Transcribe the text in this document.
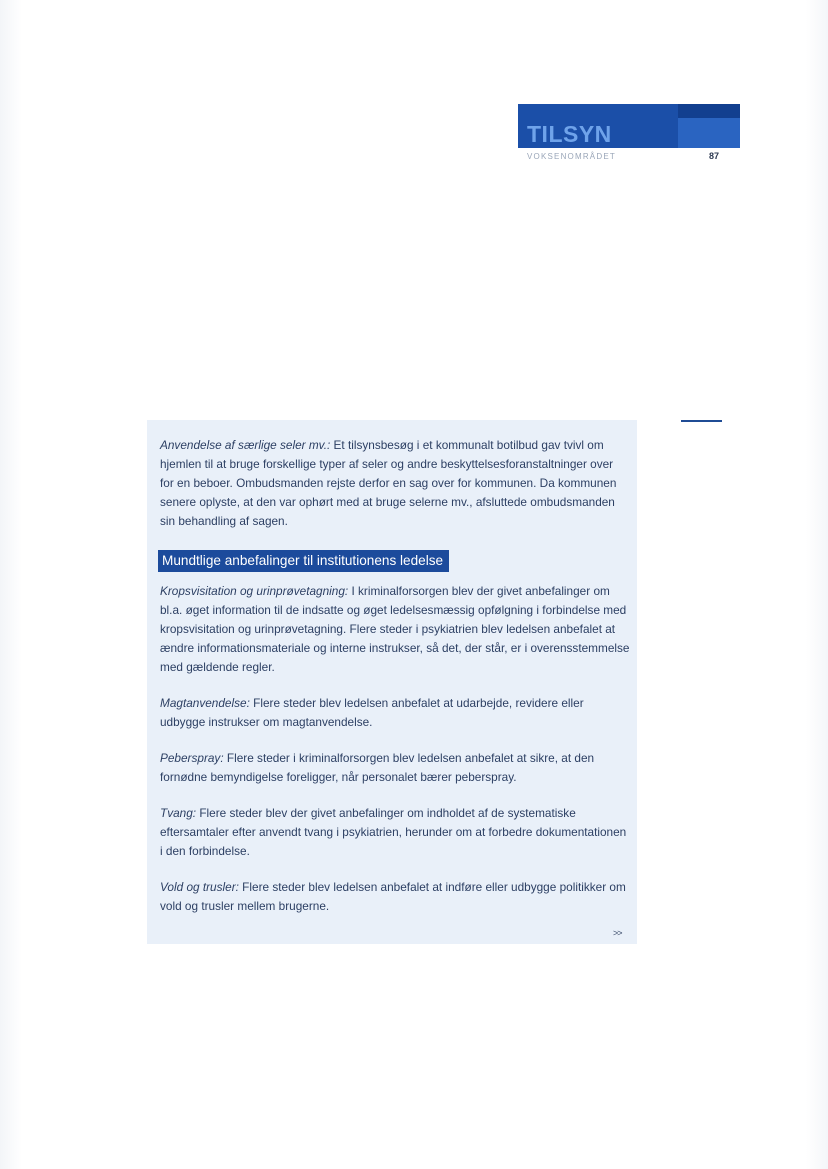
TILSYN
VOKSENOMRÅDET	87

Anvendelse af særlige seler mv.: Et tilsynsbesøg i et kommunalt botilbud gav tvivl om hjemlen til at bruge forskellige typer af seler og andre beskyttelsesforanstaltninger over for en beboer. Ombudsmanden rejste derfor en sag over for kommunen. Da kommunen senere oplyste, at den var ophørt med at bruge selerne mv., afsluttede ombudsmanden sin behandling af sagen.

Mundtlige anbefalinger til institutionens ledelse

Kropsvisitation og urinprøvetagning: I kriminalforsorgen blev der givet anbefalinger om bl.a. øget information til de indsatte og øget ledelsesmæssig opfølgning i forbindelse med kropsvisitation og urinprøvetagning. Flere steder i psykiatrien blev ledelsen anbefalet at ændre informationsmateriale og interne instrukser, så det, der står, er i overensstemmelse med gældende regler.

Magtanvendelse: Flere steder blev ledelsen anbefalet at udarbejde, revidere eller udbygge instrukser om magtanvendelse.

Peberspray: Flere steder i kriminalforsorgen blev ledelsen anbefalet at sikre, at den fornødne bemyndigelse foreligger, når personalet bærer peberspray.

Tvang: Flere steder blev der givet anbefalinger om indholdet af de systematiske eftersamtaler efter anvendt tvang i psykiatrien, herunder om at forbedre dokumentationen i den forbindelse.

Vold og trusler: Flere steder blev ledelsen anbefalet at indføre eller udbygge politikker om vold og trusler mellem brugerne.

>>
